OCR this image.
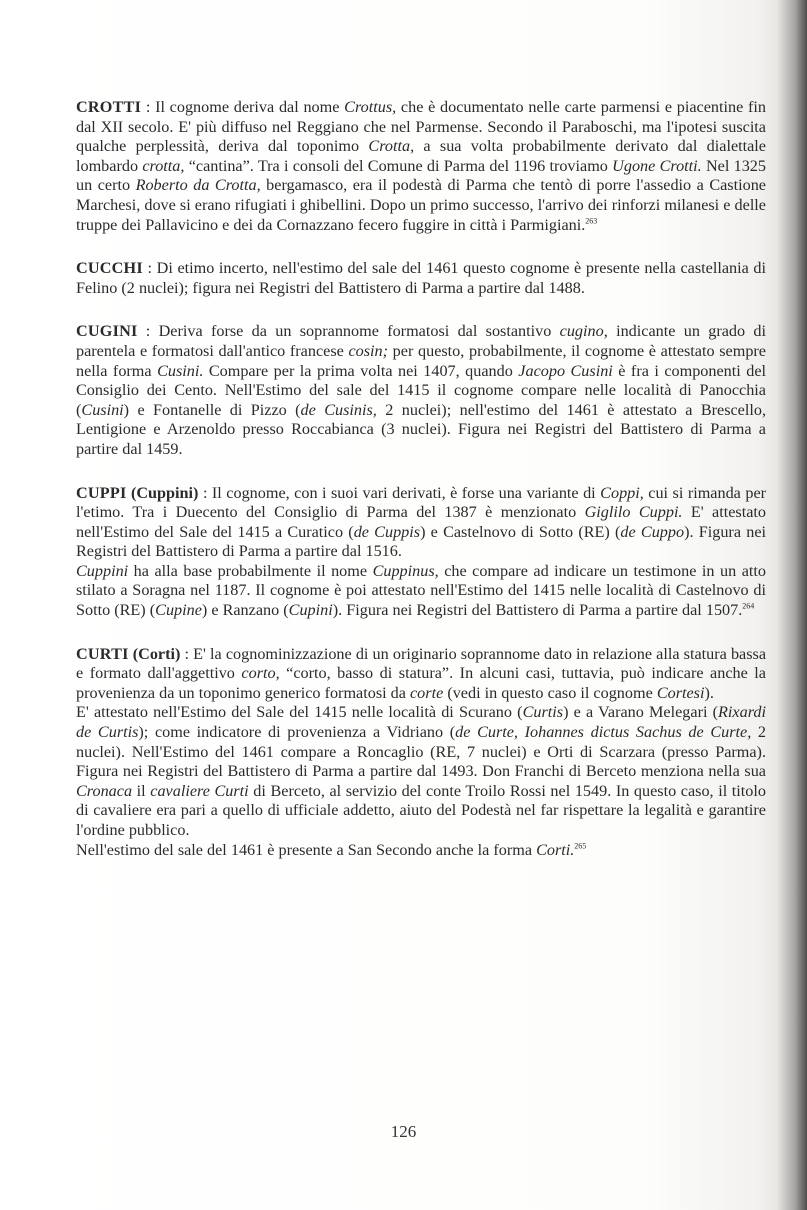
CROTTI : Il cognome deriva dal nome Crottus, che è documentato nelle carte parmensi e piacentine fin dal XII secolo. E' più diffuso nel Reggiano che nel Parmense. Secondo il Paraboschi, ma l'ipotesi suscita qualche perplessità, deriva dal toponimo Crotta, a sua volta probabilmente derivato dal dialettale lombardo crotta, “cantina”. Tra i consoli del Comune di Parma del 1196 troviamo Ugone Crotti. Nel 1325 un certo Roberto da Crotta, bergamasco, era il podestà di Parma che tentò di porre l'assedio a Castione Marchesi, dove si erano rifugiati i ghibellini. Dopo un primo successo, l'arrivo dei rinforzi milanesi e delle truppe dei Pallavicino e dei da Cornazzano fecero fuggire in città i Parmigiani.$^{263}$

CUCCHI : Di etimo incerto, nell'estimo del sale del 1461 questo cognome è presente nella castellania di Felino (2 nuclei); figura nei Registri del Battistero di Parma a partire dal 1488.

CUGINI : Deriva forse da un soprannome formatosi dal sostantivo cugino, indicante un grado di parentela e formatosi dall'antico francese cosin; per questo, probabilmente, il cognome è attestato sempre nella forma Cusini. Compare per la prima volta nei 1407, quando Jacopo Cusini è fra i componenti del Consiglio dei Cento. Nell'Estimo del sale del 1415 il cognome compare nelle località di Panocchia (Cusini) e Fontanelle di Pizzo (de Cusinis, 2 nuclei); nell'estimo del 1461 è attestato a Brescello, Lentigione e Arzenoldo presso Roccabianca (3 nuclei). Figura nei Registri del Battistero di Parma a partire dal 1459.

CUPPI (Cuppini) : Il cognome, con i suoi vari derivati, è forse una variante di Coppi, cui si rimanda per l'etimo. Tra i Duecento del Consiglio di Parma del 1387 è menzionato Giglilo Cuppi. E' attestato nell'Estimo del Sale del 1415 a Curatico (de Cuppis) e Castelnovo di Sotto (RE) (de Cuppo). Figura nei Registri del Battistero di Parma a partire dal 1516.
Cuppini ha alla base probabilmente il nome Cuppinus, che compare ad indicare un testimone in un atto stilato a Soragna nel 1187. Il cognome è poi attestato nell'Estimo del 1415 nelle località di Castelnovo di Sotto (RE) (Cupine) e Ranzano (Cupini). Figura nei Registri del Battistero di Parma a partire dal 1507.$^{264}$

CURTI (Corti) : E' la cognominizzazione di un originario soprannome dato in relazione alla statura bassa e formato dall'aggettivo corto, “corto, basso di statura”. In alcuni casi, tuttavia, può indicare anche la provenienza da un toponimo generico formatosi da corte (vedi in questo caso il cognome Cortesi).
E' attestato nell'Estimo del Sale del 1415 nelle località di Scurano (Curtis) e a Varano Melegari (Rixardi de Curtis); come indicatore di provenienza a Vidriano (de Curte, Iohannes dictus Sachus de Curte, 2 nuclei). Nell'Estimo del 1461 compare a Roncaglio (RE, 7 nuclei) e Orti di Scarzara (presso Parma). Figura nei Registri del Battistero di Parma a partire dal 1493. Don Franchi di Berceto menziona nella sua Cronaca il cavaliere Curti di Berceto, al servizio del conte Troilo Rossi nel 1549. In questo caso, il titolo di cavaliere era pari a quello di ufficiale addetto, aiuto del Podestà nel far rispettare la legalità e garantire l'ordine pubblico.
Nell'estimo del sale del 1461 è presente a San Secondo anche la forma Corti.$^{265}$

126
